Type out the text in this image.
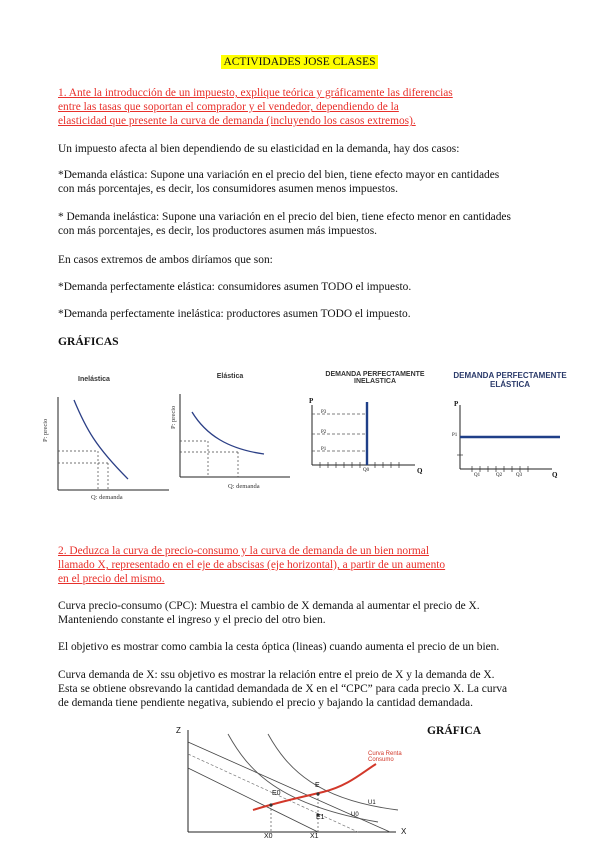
ACTIVIDADES JOSE CLASES
1. Ante la introducción de un impuesto, explique teórica y gráficamente las diferencias
entre las tasas que soportan el comprador y el vendedor, dependiendo de la
elasticidad que presente la curva de demanda (incluyendo los casos extremos).
Un impuesto afecta al bien dependiendo de su elasticidad en la demanda, hay dos casos:
*Demanda elástica: Supone una variación en el precio del bien, tiene efecto mayor en cantidades
con más porcentajes, es decir, los consumidores asumen menos impuestos.
* Demanda inelástica: Supone una variación en el precio del bien, tiene efecto menor en cantidades
con más porcentajes, es decir, los productores asumen más impuestos.
En casos extremos de ambos diríamos que son:
*Demanda perfectamente elástica: consumidores asumen TODO el impuesto.
*Demanda perfectamente inelástica: productores asumen TODO el impuesto.
GRÁFICAS
Inelástica
P: precio
Q: demanda
Elástica
P: precio
Q: demanda
DEMANDA PERFECTAMENTE
INELASTICA
P
Q
P3
P2
P1
Q0
DEMANDA PERFECTAMENTE
ELÁSTICA
P
Q
P1
Q1	Q2	Q3
2. Deduzca la curva de precio-consumo y la curva de demanda de un bien normal
llamado X, representado en el eje de abscisas (eje horizontal), a partir de un aumento
en el precio del mismo.
Curva precio-consumo (CPC): Muestra el cambio de X demanda al aumentar el precio de X.
Manteniendo constante el ingreso y el precio del otro bien.
El objetivo es mostrar como cambia la cesta óptica (lineas) cuando aumenta el precio de un bien.
Curva demanda de X: ssu objetivo es mostrar la relación entre el preio de X y la demanda de X.
Esta se obtiene obsrevando la cantidad demandada de X en el “CPC” para cada precio X. La curva
de demanda tiene pendiente negativa, subiendo el precio y bajando la cantidad demandada.
GRÁFICA
Z
X
Curva Renta
Consumo
E
E0
E1
X0	X1
U1
U0
